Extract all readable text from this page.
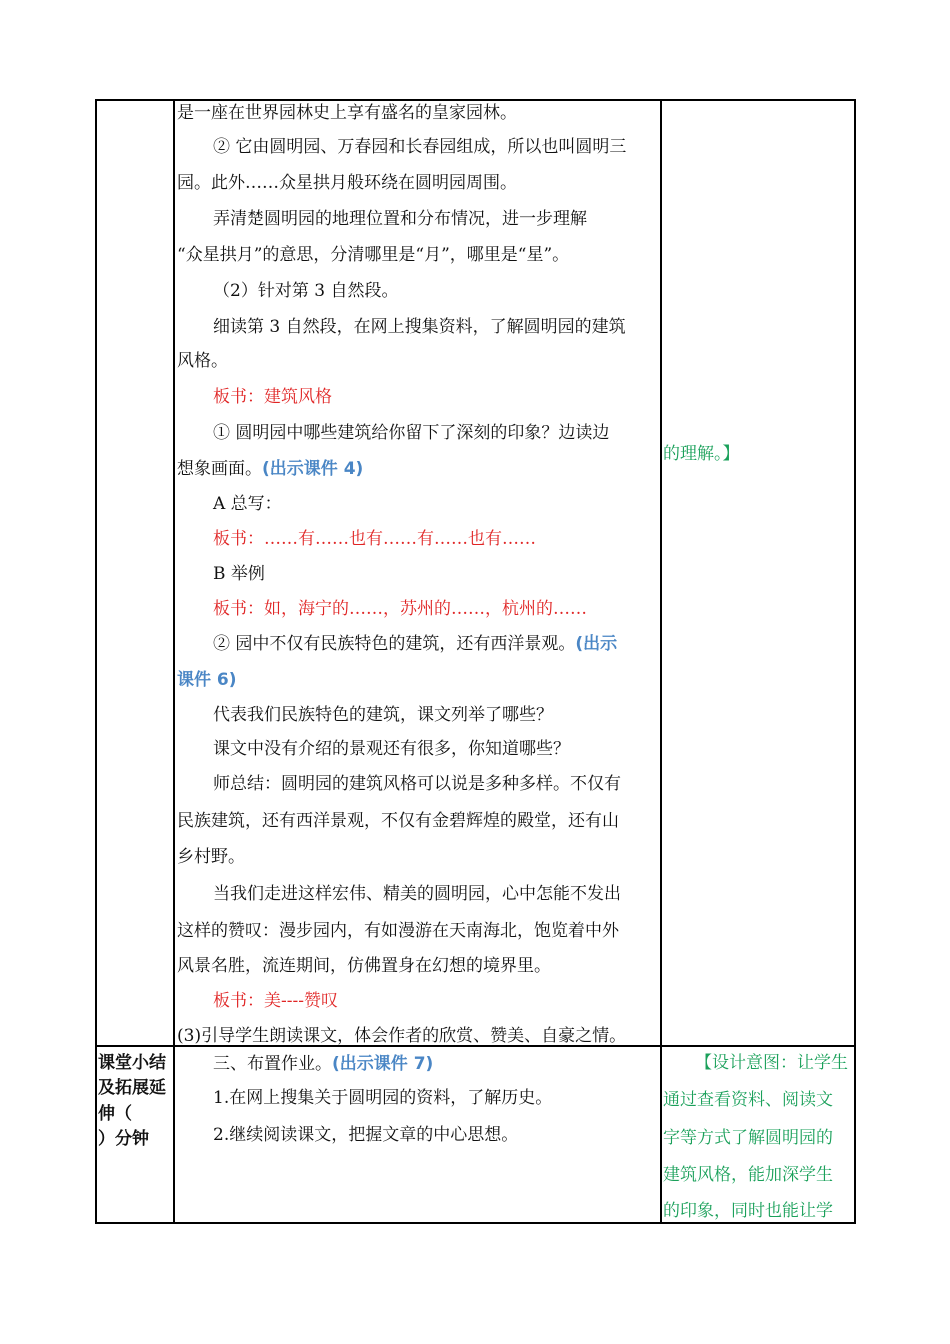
是一座在世界园林史上享有盛名的皇家园林。
② 它由圆明园、万春园和长春园组成，所以也叫圆明三
园。此外……众星拱月般环绕在圆明园周围。
弄清楚圆明园的地理位置和分布情况，进一步理解
“众星拱月”的意思，分清哪里是“月”，哪里是“星”。
（2）针对第 3 自然段。
细读第 3 自然段，在网上搜集资料，了解圆明园的建筑
风格。
板书：建筑风格
① 圆明园中哪些建筑给你留下了深刻的印象？边读边
想象画面。(出示课件 4)
A 总写：
板书：……有……也有……有……也有……
B 举例
板书：如，海宁的……，苏州的……，杭州的……
② 园中不仅有民族特色的建筑，还有西洋景观。(出示
课件 6)
代表我们民族特色的建筑，课文列举了哪些？
课文中没有介绍的景观还有很多，你知道哪些？
师总结：圆明园的建筑风格可以说是多种多样。不仅有
民族建筑，还有西洋景观，不仅有金碧辉煌的殿堂，还有山
乡村野。
当我们走进这样宏伟、精美的圆明园，心中怎能不发出
这样的赞叹：漫步园内，有如漫游在天南海北，饱览着中外
风景名胜，流连期间，仿佛置身在幻想的境界里。
板书：美----赞叹
(3)引导学生朗读课文，体会作者的欣赏、赞美、自豪之情。
的理解。】
课堂小结
及拓展延
伸（
）分钟
三、布置作业。(出示课件 7)
1.在网上搜集关于圆明园的资料，了解历史。
2.继续阅读课文，把握文章的中心思想。
【设计意图：让学生
通过查看资料、阅读文
字等方式了解圆明园的
建筑风格，能加深学生
的印象，同时也能让学
